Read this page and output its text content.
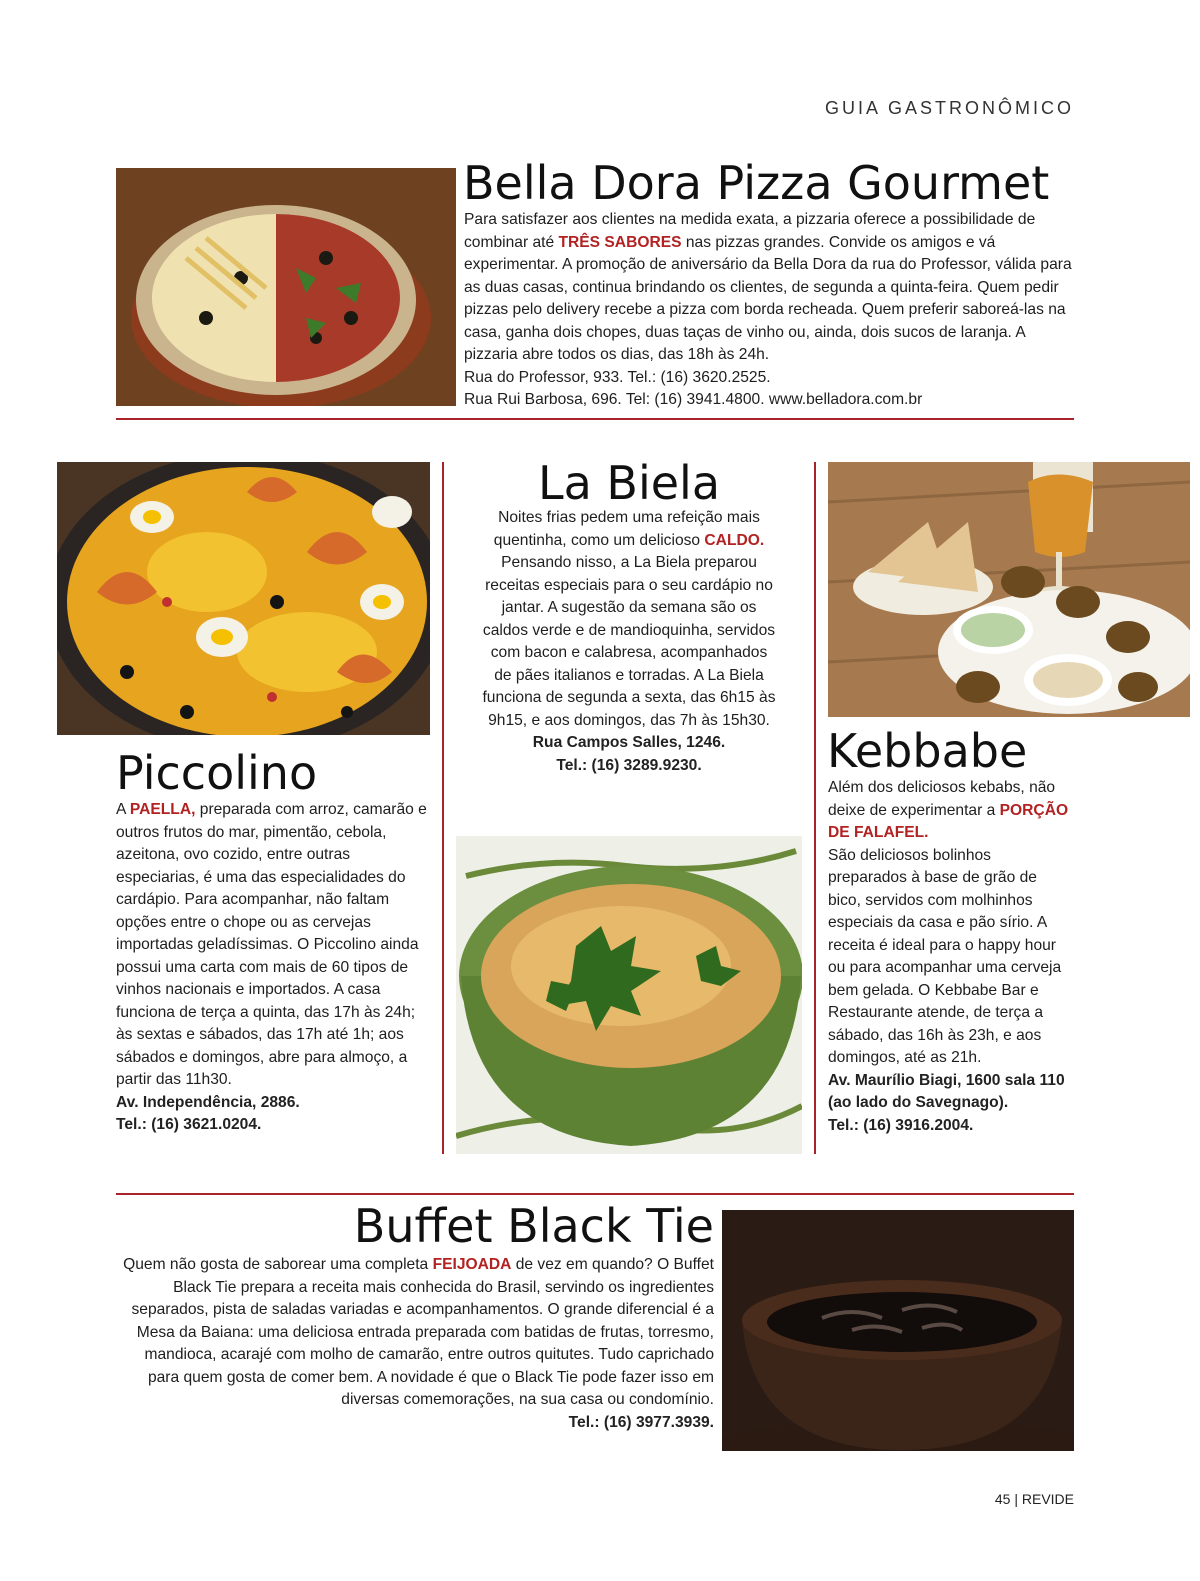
GUIA GASTRONÔMICO
Bella Dora Pizza Gourmet

Para satisfazer aos clientes na medida exata, a pizzaria oferece a possibilidade de combinar até TRÊS SABORES nas pizzas grandes. Convide os amigos e vá experimentar. A promoção de aniversário da Bella Dora da rua do Professor, válida para as duas casas, continua brindando os clientes, de segunda a quinta-feira. Quem pedir pizzas pelo delivery recebe a pizza com borda recheada. Quem preferir saboreá-las na casa, ganha dois chopes, duas taças de vinho ou, ainda, dois sucos de laranja. A pizzaria abre todos os dias, das 18h às 24h.

Rua do Professor, 933. Tel.: (16) 3620.2525.

Rua Rui Barbosa, 696. Tel: (16) 3941.4800. www.belladora.com.br

Piccolino

A PAELLA, preparada com arroz, camarão e outros frutos do mar, pimentão, cebola, azeitona, ovo cozido, entre outras especiarias, é uma das especialidades do cardápio. Para acompanhar, não faltam opções entre o chope ou as cervejas importadas geladíssimas. O Piccolino ainda possui uma carta com mais de 60 tipos de vinhos nacionais e importados. A casa funciona de terça a quinta, das 17h às 24h; às sextas e sábados, das 17h até 1h; aos sábados e domingos, abre para almoço, a partir das 11h30.

Av. Independência, 2886.

Tel.: (16) 3621.0204.

La Biela

Noites frias pedem uma refeição mais quentinha, como um delicioso CALDO. Pensando nisso, a La Biela preparou receitas especiais para o seu cardápio no jantar. A sugestão da semana são os caldos verde e de mandioquinha, servidos com bacon e calabresa, acompanhados de pães italianos e torradas. A La Biela funciona de segunda a sexta, das 6h15 às 9h15, e aos domingos, das 7h às 15h30.

Rua Campos Salles, 1246.

Tel.: (16) 3289.9230.	Kebbabe

Além dos deliciosos kebabs, não deixe de experimentar a PORÇÃO DE FALAFEL.

São deliciosos bolinhos preparados à base de grão de bico, servidos com molhinhos especiais da casa e pão sírio. A receita é ideal para o happy hour ou para acompanhar uma cerveja bem gelada. O Kebbabe Bar e Restaurante atende, de terça a sábado, das 16h às 23h, e aos domingos, até as 21h.

Av. Maurílio Biagi, 1600 sala 110 (ao lado do Savegnago).

Tel.: (16) 3916.2004.

Buffet Black Tie

Quem não gosta de saborear uma completa FEIJOADA de vez em quando? O Buffet Black Tie prepara a receita mais conhecida do Brasil, servindo os ingredientes separados, pista de saladas variadas e acompanhamentos. O grande diferencial é a Mesa da Baiana: uma deliciosa entrada preparada com batidas de frutas, torresmo, mandioca, acarajé com molho de camarão, entre outros quitutes. Tudo caprichado para quem gosta de comer bem. A novidade é que o Black Tie pode fazer isso em diversas comemorações, na sua casa ou condomínio.

Tel.: (16) 3977.3939.

45 | REVIDE
